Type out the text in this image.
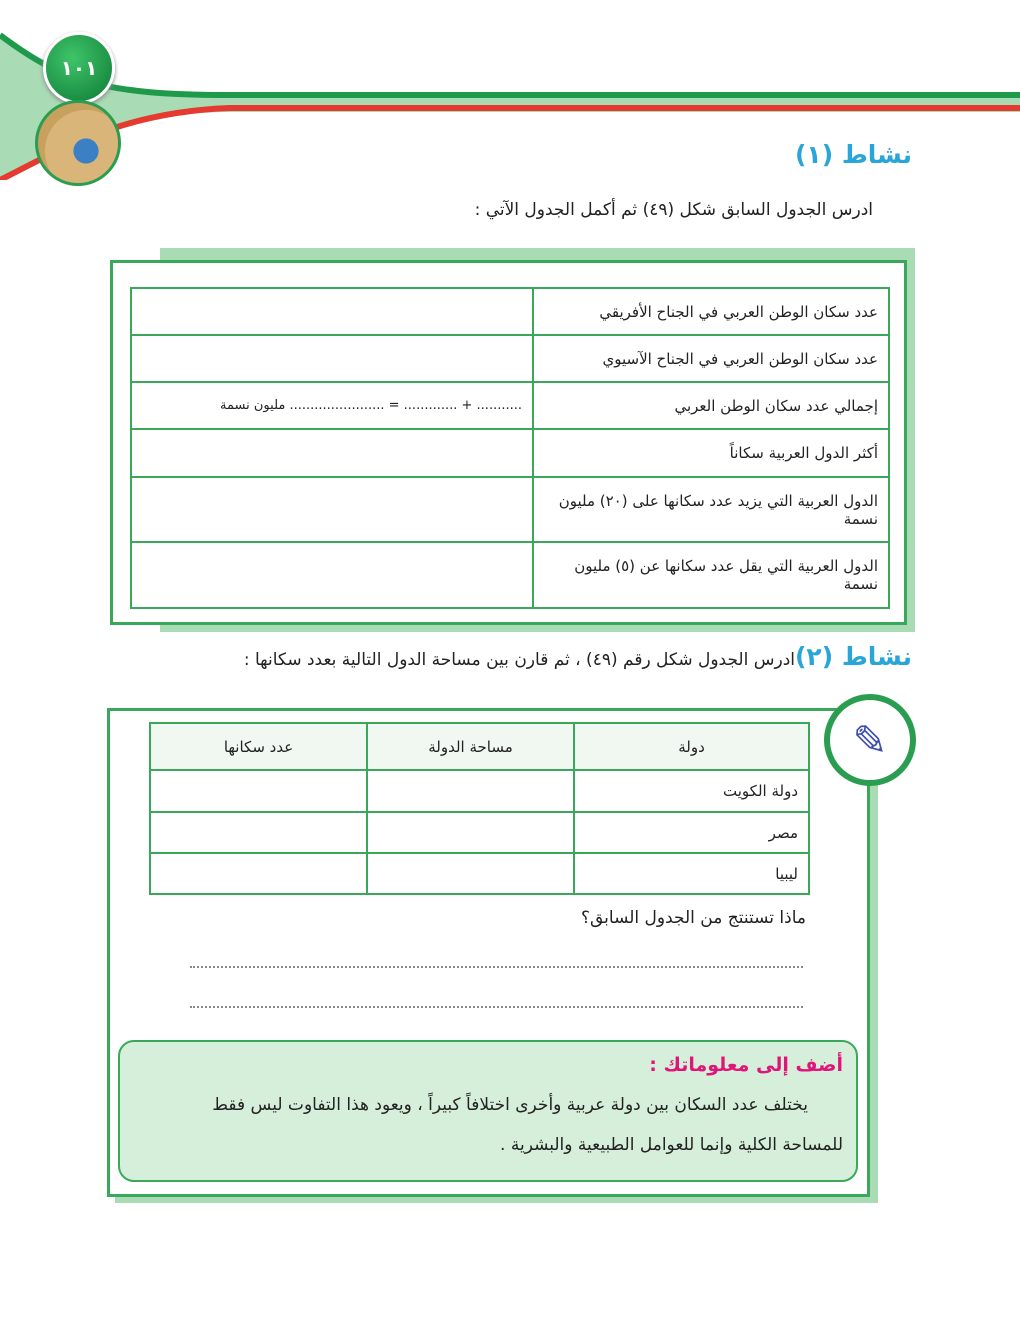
١٠١
نشاط (١)
ادرس الجدول السابق شكل (٤٩) ثم أكمل الجدول الآتي :
	عدد سكان الوطن العربي في الجناح الأفريقي
	عدد سكان الوطن العربي في الجناح الآسيوي
........... + ............. = ....................... مليون نسمة	إجمالي عدد سكان الوطن العربي
	أكثر الدول العربية سكاناً
	الدول العربية التي يزيد عدد سكانها على (٢٠) مليون نسمة
	الدول العربية التي يقل عدد سكانها عن (٥) مليون نسمة
نشاط (٢)
ادرس الجدول شكل رقم (٤٩) ، ثم قارن بين مساحة الدول التالية بعدد سكانها :
✎
عدد سكانها	مساحة الدولة	دولة
		دولة الكويت
		مصر
		ليبيا
ماذا تستنتج من الجدول السابق؟
أضف إلى معلوماتك :
يختلف عدد السكان بين دولة عربية وأخرى اختلافاً كبيراً ، ويعود هذا التفاوت ليس فقط
للمساحة الكلية وإنما للعوامل الطبيعية والبشرية .
